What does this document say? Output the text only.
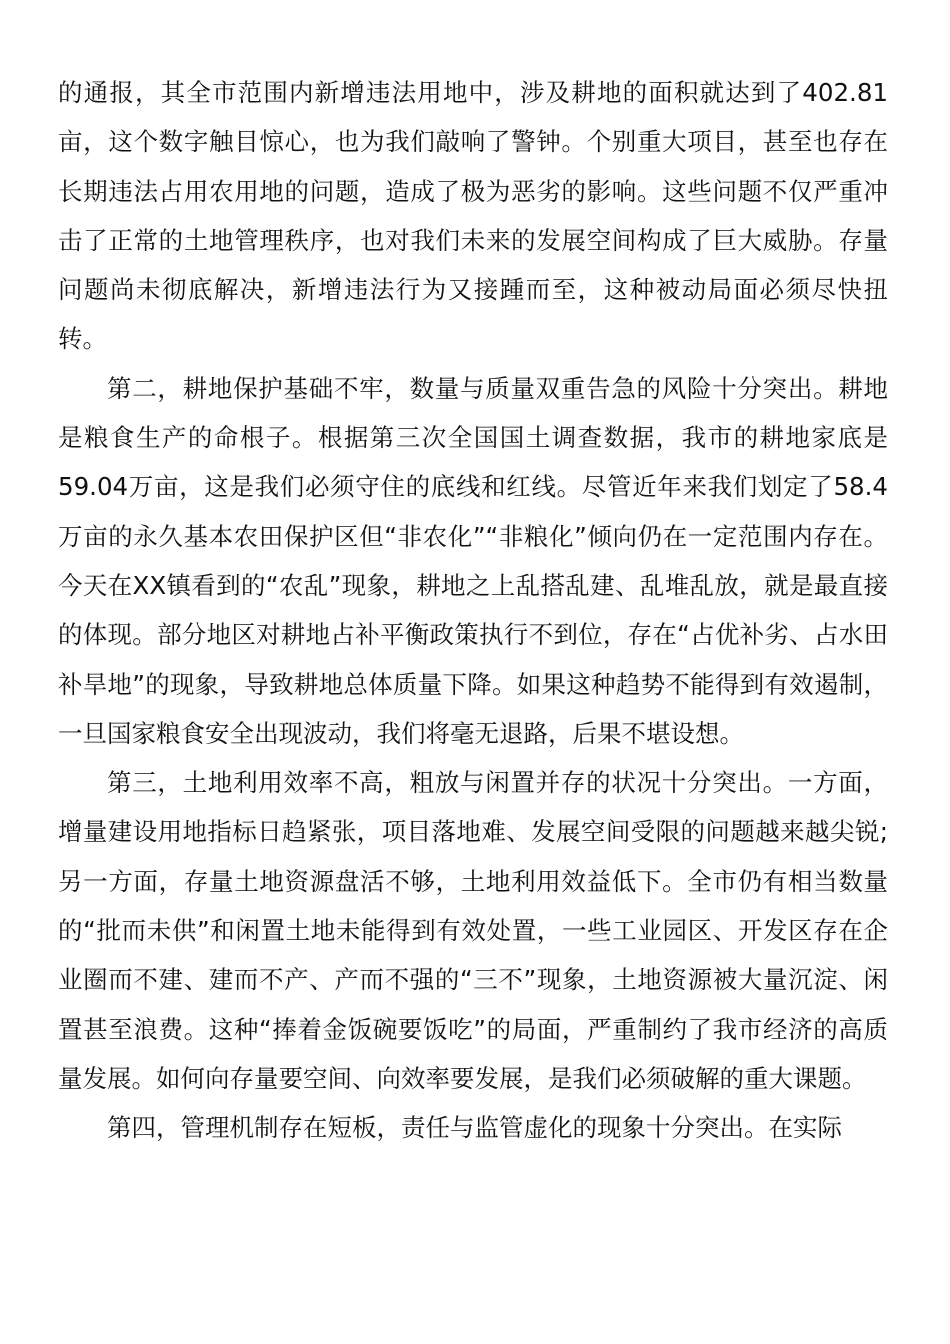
的通报，其全市范围内新增违法用地中，涉及耕地的面积就达到了402.81亩，这个数字触目惊心，也为我们敲响了警钟。个别重大项目，甚至也存在长期违法占用农用地的问题，造成了极为恶劣的影响。这些问题不仅严重冲击了正常的土地管理秩序，也对我们未来的发展空间构成了巨大威胁。存量问题尚未彻底解决，新增违法行为又接踵而至，这种被动局面必须尽快扭转。

第二，耕地保护基础不牢，数量与质量双重告急的风险十分突出。耕地是粮食生产的命根子。根据第三次全国国土调查数据，我市的耕地家底是59.04万亩，这是我们必须守住的底线和红线。尽管近年来我们划定了58.4万亩的永久基本农田保护区但“非农化”“非粮化”倾向仍在一定范围内存在。今天在XX镇看到的“农乱”现象，耕地之上乱搭乱建、乱堆乱放，就是最直接的体现。部分地区对耕地占补平衡政策执行不到位，存在“占优补劣、占水田补旱地”的现象，导致耕地总体质量下降。如果这种趋势不能得到有效遏制，一旦国家粮食安全出现波动，我们将毫无退路，后果不堪设想。

第三，土地利用效率不高，粗放与闲置并存的状况十分突出。一方面，增量建设用地指标日趋紧张，项目落地难、发展空间受限的问题越来越尖锐;另一方面，存量土地资源盘活不够，土地利用效益低下。全市仍有相当数量的“批而未供”和闲置土地未能得到有效处置，一些工业园区、开发区存在企业圈而不建、建而不产、产而不强的“三不”现象，土地资源被大量沉淀、闲置甚至浪费。这种“捧着金饭碗要饭吃”的局面，严重制约了我市经济的高质量发展。如何向存量要空间、向效率要发展，是我们必须破解的重大课题。

第四，管理机制存在短板，责任与监管虚化的现象十分突出。在实际
